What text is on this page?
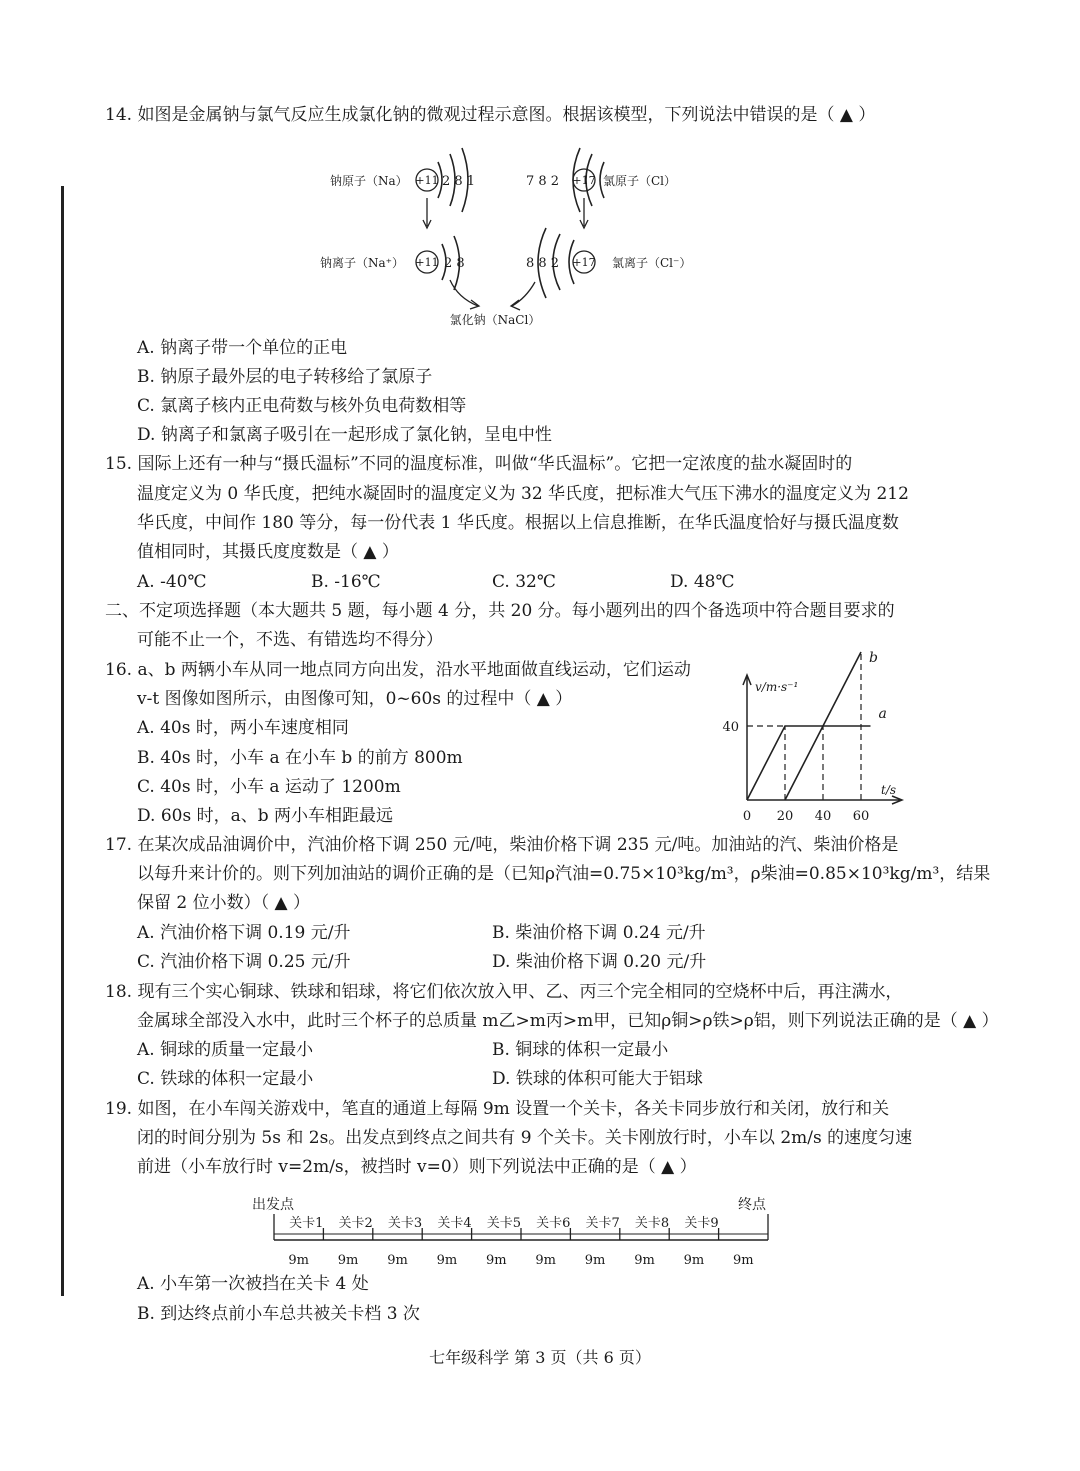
14. 如图是金属钠与氯气反应生成氯化钠的微观过程示意图。根据该模型，下列说法中错误的是（ ▲ ）
钠原子（Na） +11 2 8 1	7 8 2 +17 氯原子（Cl）
钠离子（Na⁺） +11 2 8	8 8 2 +17 氯离子（Cl⁻）
氯化钠（NaCl）
A. 钠离子带一个单位的正电
B. 钠原子最外层的电子转移给了氯原子
C. 氯离子核内正电荷数与核外负电荷数相等
D. 钠离子和氯离子吸引在一起形成了氯化钠，呈电中性
15. 国际上还有一种与“摄氏温标”不同的温度标准，叫做“华氏温标”。它把一定浓度的盐水凝固时的
温度定义为 0 华氏度，把纯水凝固时的温度定义为 32 华氏度，把标准大气压下沸水的温度定义为 212
华氏度，中间作 180 等分，每一份代表 1 华氏度。根据以上信息推断，在华氏温度恰好与摄氏温度数
值相同时，其摄氏度度数是（ ▲ ）
A. -40℃	B. -16℃	C. 32℃	D. 48℃
二、不定项选择题（本大题共 5 题，每小题 4 分，共 20 分。每小题列出的四个备选项中符合题目要求的
可能不止一个，不选、有错选均不得分）
16. a、b 两辆小车从同一地点同方向出发，沿水平地面做直线运动，它们运动
v-t 图像如图所示，由图像可知，0~60s 的过程中（ ▲ ）
A. 40s 时，两小车速度相同
B. 40s 时，小车 a 在小车 b 的前方 800m
C. 40s 时，小车 a 运动了 1200m
D. 60s 时，a、b 两小车相距最远
v/m·s⁻¹
t/s
0 20 40 60
40
a
b
17. 在某次成品油调价中，汽油价格下调 250 元/吨，柴油价格下调 235 元/吨。加油站的汽、柴油价格是
以每升来计价的。则下列加油站的调价正确的是（已知ρ汽油=0.75×10³kg/m³，ρ柴油=0.85×10³kg/m³，结果
保留 2 位小数）（ ▲ ）
A. 汽油价格下调 0.19 元/升	B. 柴油价格下调 0.24 元/升
C. 汽油价格下调 0.25 元/升	D. 柴油价格下调 0.20 元/升
18. 现有三个实心铜球、铁球和铝球，将它们依次放入甲、乙、丙三个完全相同的空烧杯中后，再注满水，
金属球全部没入水中，此时三个杯子的总质量 m乙>m丙>m甲，已知ρ铜>ρ铁>ρ铝，则下列说法正确的是（ ▲ ）
A. 铜球的质量一定最小	B. 铜球的体积一定最小
C. 铁球的体积一定最小	D. 铁球的体积可能大于铝球
19. 如图，在小车闯关游戏中，笔直的通道上每隔 9m 设置一个关卡，各关卡同步放行和关闭，放行和关
闭的时间分别为 5s 和 2s。出发点到终点之间共有 9 个关卡。关卡刚放行时，小车以 2m/s 的速度匀速
前进（小车放行时 v=2m/s，被挡时 v=0）则下列说法中正确的是（ ▲ ）
出发点	终点
关卡1 关卡2 关卡3 关卡4 关卡5 关卡6 关卡7 关卡8 关卡9
9m 9m 9m 9m 9m 9m 9m 9m 9m 9m
A. 小车第一次被挡在关卡 4 处
B. 到达终点前小车总共被关卡档 3 次
七年级科学 第 3 页（共 6 页）
